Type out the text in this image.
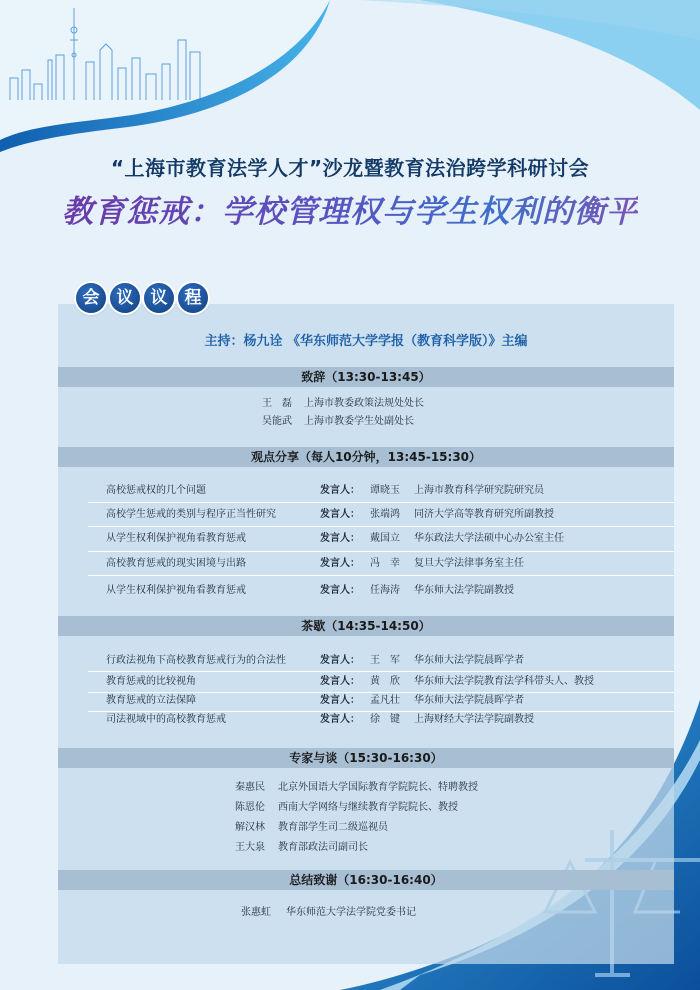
“上海市教育法学人才”沙龙暨教育法治跨学科研讨会
教育惩戒：学校管理权与学生权利的衡平
会	议	议	程
主持：杨九诠 《华东师范大学学报（教育科学版）》主编
致辞（13:30-13:45）
王　磊 上海市教委政策法规处处长
吴能武 上海市教委学生处副处长
观点分享（每人10分钟，13:45-15:30）
高校惩戒权的几个问题	发言人： 谭晓玉 上海市教育科学研究院研究员
高校学生惩戒的类别与程序正当性研究	发言人： 张端鸿 同济大学高等教育研究所副教授
从学生权利保护视角看教育惩戒	发言人： 戴国立 华东政法大学法硕中心办公室主任
高校教育惩戒的现实困境与出路	发言人： 冯　幸 复旦大学法律事务室主任
从学生权利保护视角看教育惩戒	发言人： 任海涛 华东师大法学院副教授
茶歇（14:35-14:50）
行政法视角下高校教育惩戒行为的合法性	发言人： 王　军 华东师大法学院晨晖学者
教育惩戒的比较视角	发言人： 黄　欣 华东师大法学院教育法学科带头人、教授
教育惩戒的立法保障	发言人： 孟凡壮 华东师大法学院晨晖学者
司法视域中的高校教育惩戒	发言人： 徐　键 上海财经大学法学院副教授
专家与谈（15:30-16:30）
秦惠民 北京外国语大学国际教育学院院长、特聘教授
陈恩伦 西南大学网络与继续教育学院院长、教授
解汉林 教育部学生司二级巡视员
王大泉 教育部政法司副司长
总结致谢（16:30-16:40）
张惠虹 华东师范大学法学院党委书记
